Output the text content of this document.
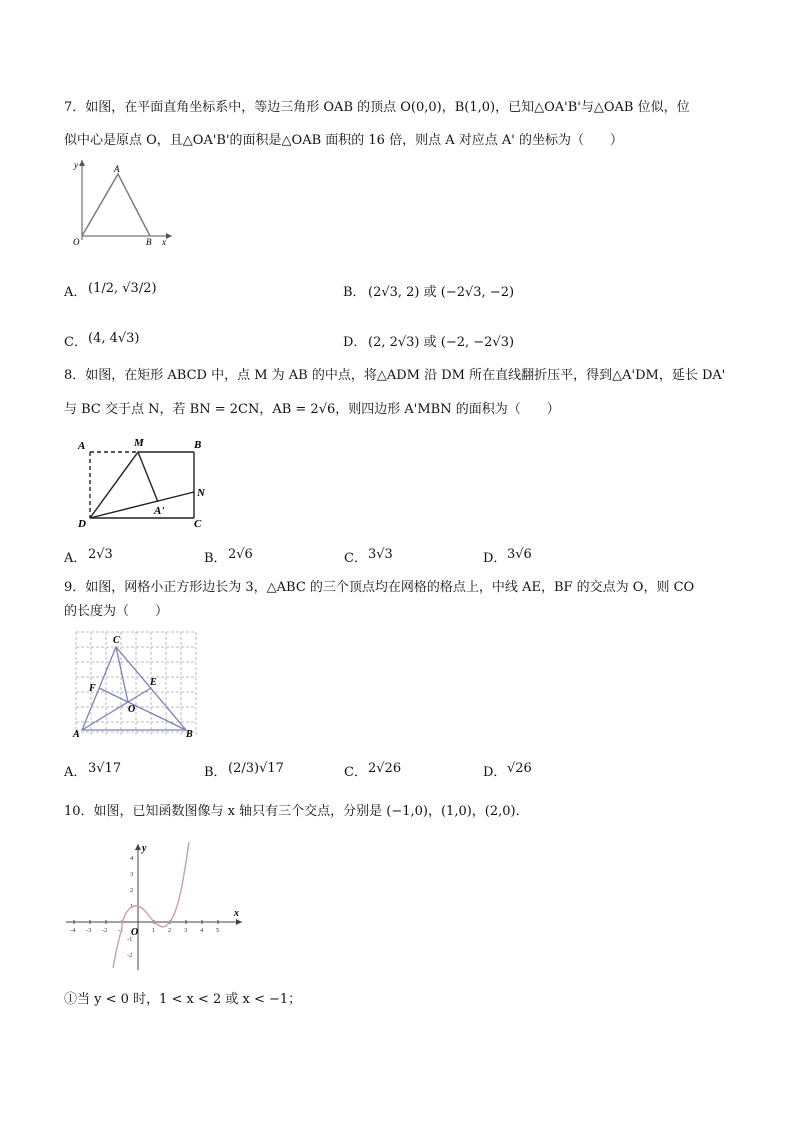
7．如图，在平面直角坐标系中，等边三角形 OAB 的顶点 O(0,0)，B(1,0)，已知△OA'B'与△OAB 位似，位
似中心是原点 O，且△OA'B'的面积是△OAB 面积的 16 倍，则点 A 对应点 A' 的坐标为（　　）
y	A
O	B x
A． (1/2, √3/2)	B． (2√3, 2) 或 (−2√3, −2)
C． (4, 4√3)	D． (2, 2√3) 或 (−2, −2√3)
8．如图，在矩形 ABCD 中，点 M 为 AB 的中点，将△ADM 沿 DM 所在直线翻折压平，得到△A'DM，延长 DA'
与 BC 交于点 N，若 BN = 2CN，AB = 2√6，则四边形 A'MBN 的面积为（　　）
A	M	B
N
A'
D	C
A． 2√3	B． 2√6	C． 3√3	D． 3√6
9．如图，网格小正方形边长为 3，△ABC 的三个顶点均在网格的格点上，中线 AE，BF 的交点为 O，则 CO
的长度为（　　）
C
F
E
O
A	B
A． 3√17	B． (2/3)√17	C． 2√26	D． √26
10．如图，已知函数图像与 x 轴只有三个交点，分别是 (−1,0)，(1,0)，(2,0)．
-4 -3 -2 -1	1 2 3 4 5
4
3
2
1
-1
-2
y
x
O
①当 y < 0 时，1 < x < 2 或 x < −1；
